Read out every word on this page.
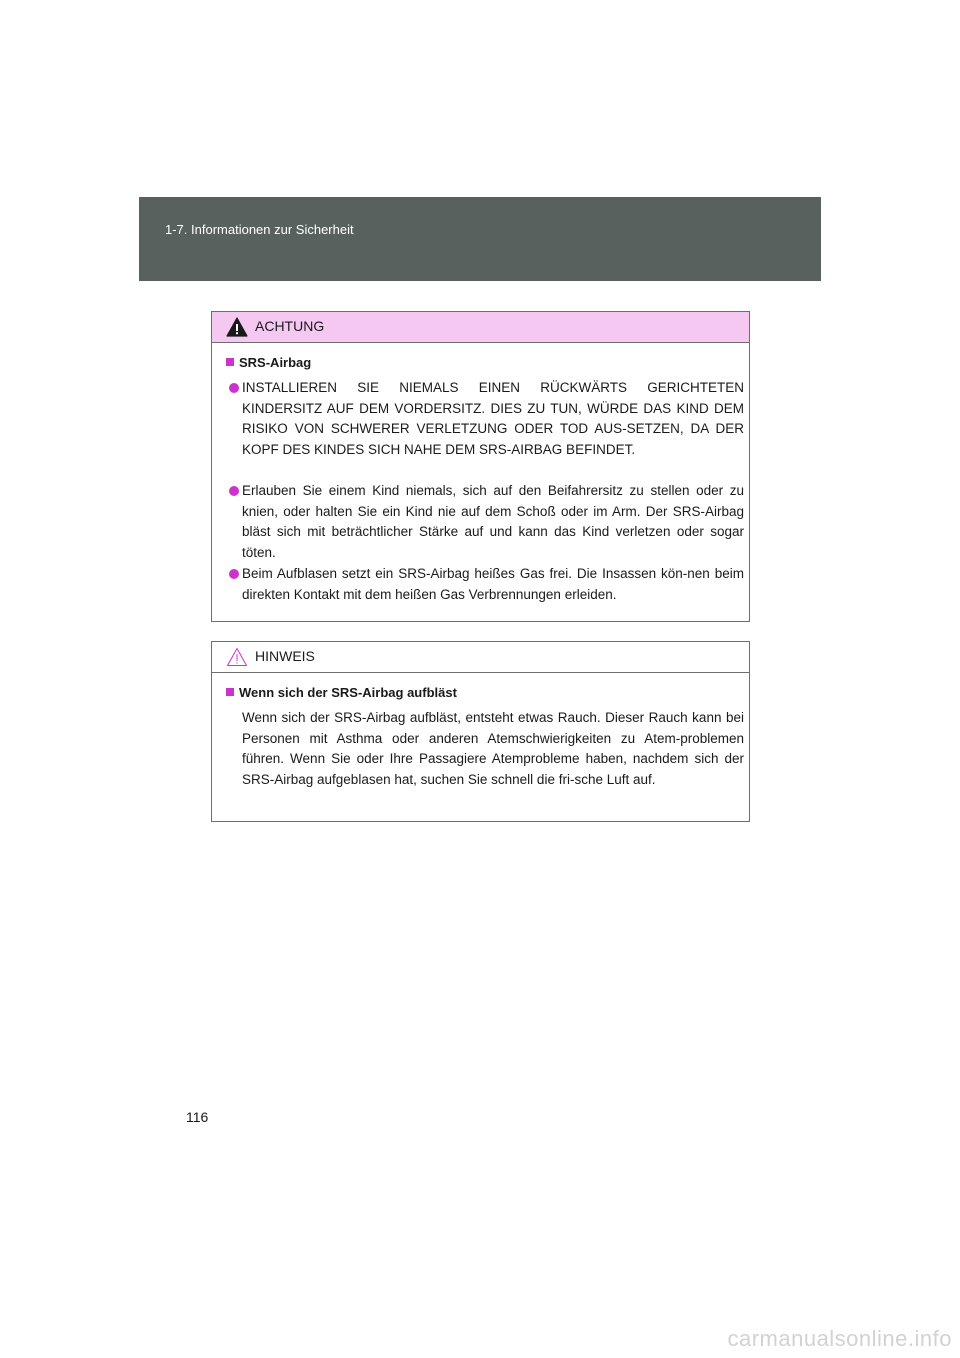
1-7. Informationen zur Sicherheit
ACHTUNG
SRS-Airbag
INSTALLIEREN SIE NIEMALS EINEN RÜCKWÄRTS GERICHTETEN KINDERSITZ AUF DEM VORDERSITZ. DIES ZU TUN, WÜRDE DAS KIND DEM RISIKO VON SCHWERER VERLETZUNG ODER TOD AUS-SETZEN, DA DER KOPF DES KINDES SICH NAHE DEM SRS-AIRBAG BEFINDET.
Erlauben Sie einem Kind niemals, sich auf den Beifahrersitz zu stellen oder zu knien, oder halten Sie ein Kind nie auf dem Schoß oder im Arm. Der SRS-Airbag bläst sich mit beträchtlicher Stärke auf und kann das Kind verletzen oder sogar töten.
Beim Aufblasen setzt ein SRS-Airbag heißes Gas frei. Die Insassen kön-nen beim direkten Kontakt mit dem heißen Gas Verbrennungen erleiden.
HINWEIS
Wenn sich der SRS-Airbag aufbläst
Wenn sich der SRS-Airbag aufbläst, entsteht etwas Rauch. Dieser Rauch kann bei Personen mit Asthma oder anderen Atemschwierigkeiten zu Atem-problemen führen. Wenn Sie oder Ihre Passagiere Atemprobleme haben, nachdem sich der SRS-Airbag aufgeblasen hat, suchen Sie schnell die fri-sche Luft auf.
116
carmanualsonline.info
